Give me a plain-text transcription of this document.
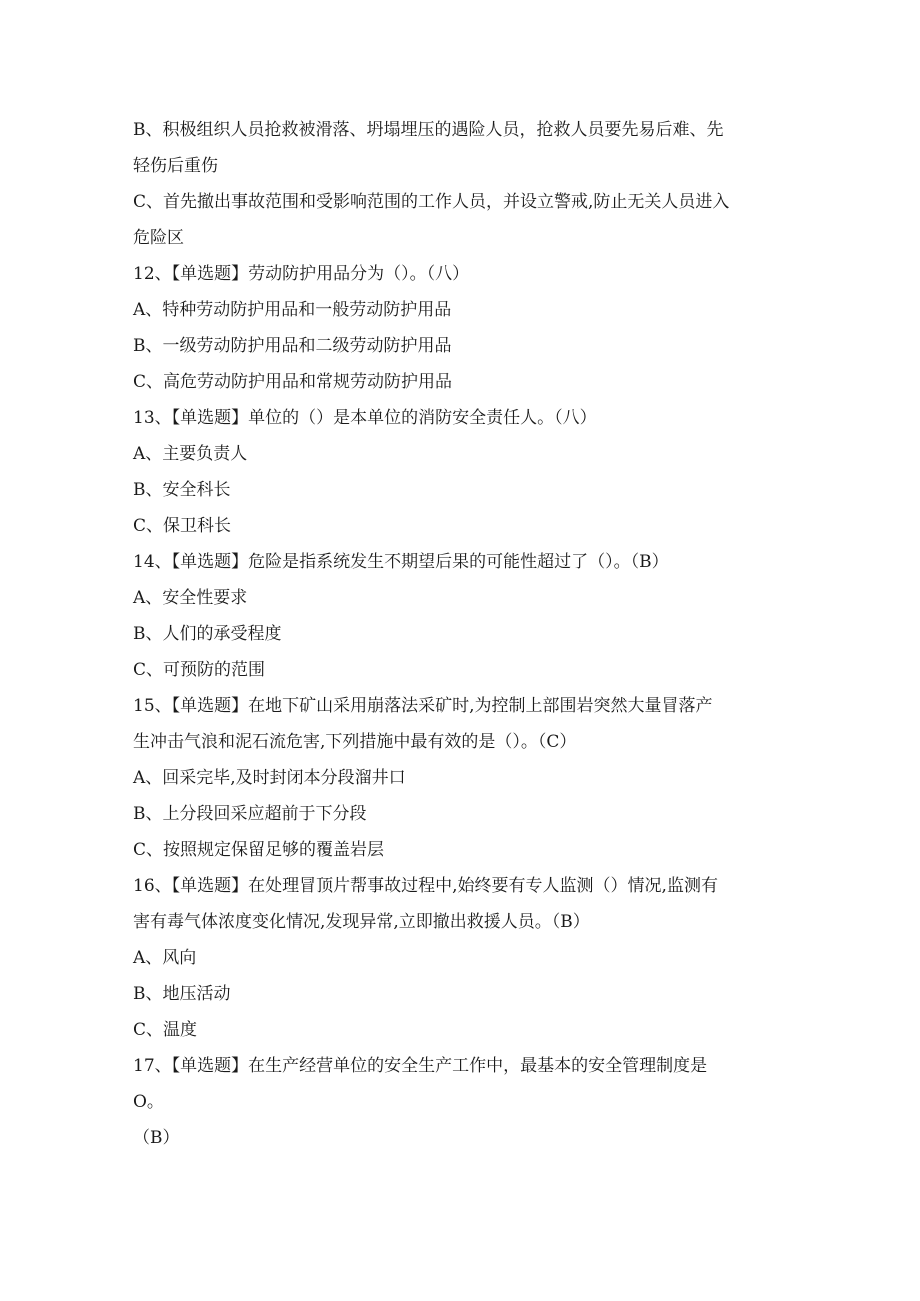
B、积极组织人员抢救被滑落、坍塌埋压的遇险人员，抢救人员要先易后难、先

轻伤后重伤

C、首先撤出事故范围和受影响范围的工作人员，并设立警戒,防止无关人员进入

危险区

12、【单选题】劳动防护用品分为（）。（八）

A、特种劳动防护用品和一般劳动防护用品

B、一级劳动防护用品和二级劳动防护用品

C、高危劳动防护用品和常规劳动防护用品

13、【单选题】单位的（）是本单位的消防安全责任人。（八）

A、主要负责人

B、安全科长

C、保卫科长

14、【单选题】危险是指系统发生不期望后果的可能性超过了（）。（B）

A、安全性要求

B、人们的承受程度

C、可预防的范围

15、【单选题】在地下矿山采用崩落法采矿时,为控制上部围岩突然大量冒落产

生冲击气浪和泥石流危害,下列措施中最有效的是（）。（C）

A、回采完毕,及时封闭本分段溜井口

B、上分段回采应超前于下分段

C、按照规定保留足够的覆盖岩层

16、【单选题】在处理冒顶片帮事故过程中,始终要有专人监测（）情况,监测有

害有毒气体浓度变化情况,发现异常,立即撤出救援人员。（B）

A、风向

B、地压活动

C、温度

17、【单选题】在生产经营单位的安全生产工作中，最基本的安全管理制度是

O。

（B）
